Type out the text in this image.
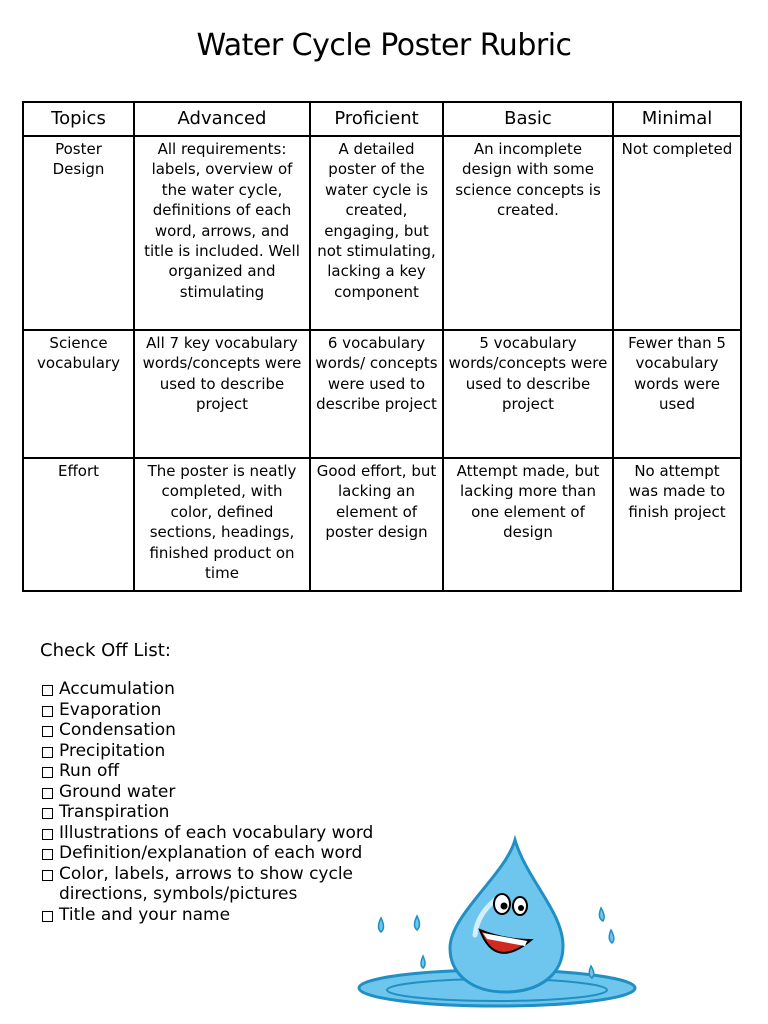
Water Cycle Poster Rubric
Topics	Advanced	Proficient	Basic	Minimal
Poster Design	All requirements: labels, overview of the water cycle, definitions of each word, arrows, and title is included. Well organized and stimulating	A detailed poster of the water cycle is created, engaging, but not stimulating, lacking a key component	An incomplete design with some science concepts is created.	Not completed
Science vocabulary	All 7 key vocabulary words/concepts were used to describe project	6 vocabulary words/ concepts were used to describe project	5 vocabulary words/concepts were used to describe project	Fewer than 5 vocabulary words were used
Effort	The poster is neatly completed, with color, defined sections, headings, finished product on time	Good effort, but lacking an element of poster design	Attempt made, but lacking more than one element of design	No attempt was made to finish project
Check Off List:
Accumulation
Evaporation
Condensation
Precipitation
Run off
Ground water
Transpiration
Illustrations of each vocabulary word
Definition/explanation of each word
Color, labels, arrows to show cycle directions, symbols/pictures
Title and your name
